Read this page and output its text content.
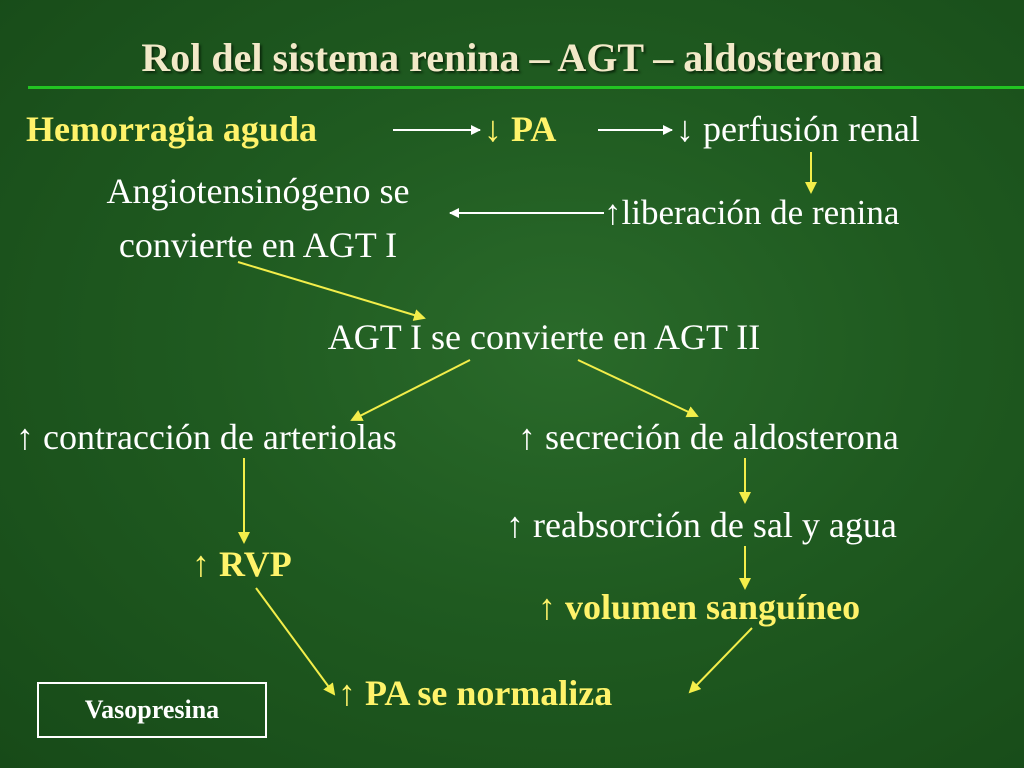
Rol del sistema renina – AGT – aldosterona
Hemorragia aguda	↓ PA	↓ perfusión renal
Angiotensinógeno se
convierte en AGT I
↑liberación de renina
AGT I se convierte en AGT II
↑ contracción de arteriolas	↑ secreción de aldosterona
↑ reabsorción de sal y agua
↑ RVP
↑ volumen sanguíneo
↑ PA se normaliza
Vasopresina
